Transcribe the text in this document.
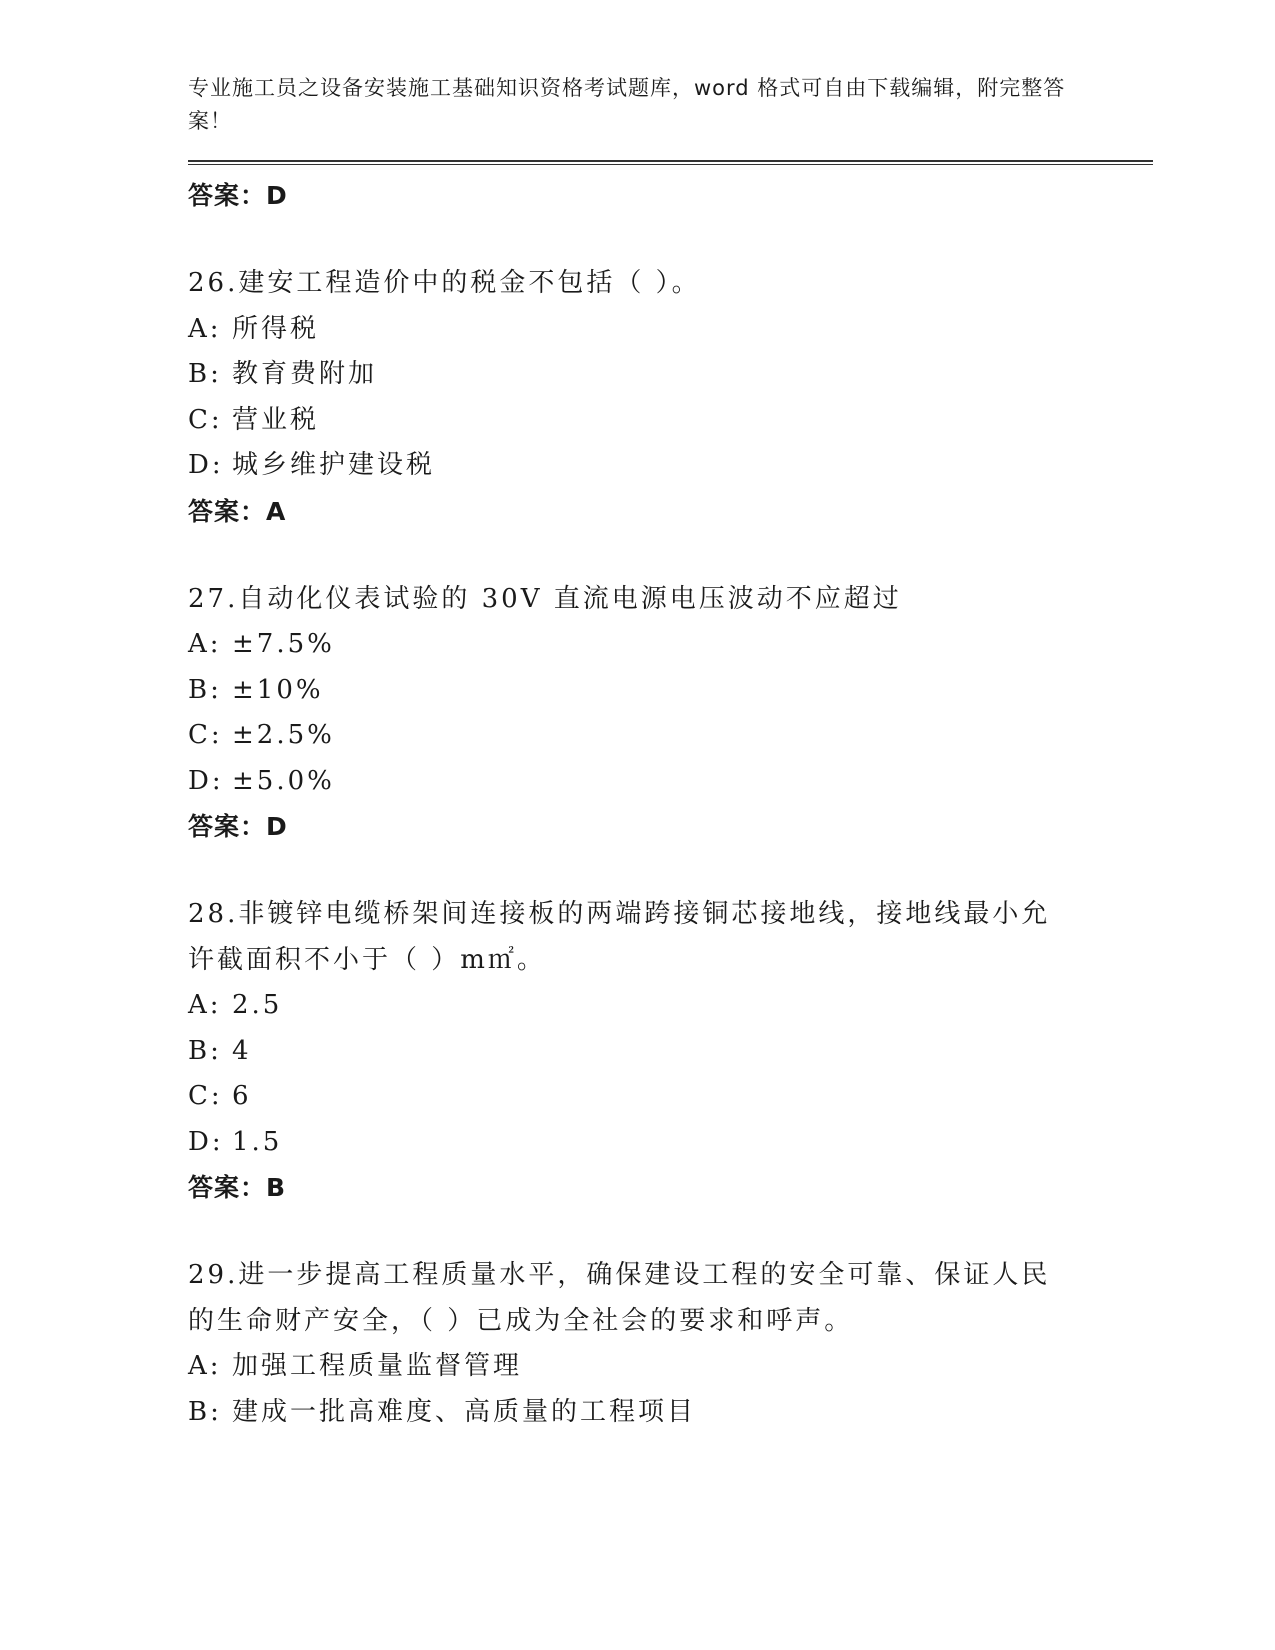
专业施工员之设备安装施工基础知识资格考试题库，word 格式可自由下载编辑，附完整答案！
答案：D
26.建安工程造价中的税金不包括（ ）。
A: 所得税
B: 教育费附加
C: 营业税
D: 城乡维护建设税
答案：A
27.自动化仪表试验的 30V 直流电源电压波动不应超过
A: ±7.5%
B: ±10%
C: ±2.5%
D: ±5.0%
答案：D
28.非镀锌电缆桥架间连接板的两端跨接铜芯接地线，接地线最小允许截面积不小于（ ）m㎡。
A: 2.5
B: 4
C: 6
D: 1.5
答案：B
29.进一步提高工程质量水平，确保建设工程的安全可靠、保证人民的生命财产安全，（ ）已成为全社会的要求和呼声。
A: 加强工程质量监督管理
B: 建成一批高难度、高质量的工程项目
